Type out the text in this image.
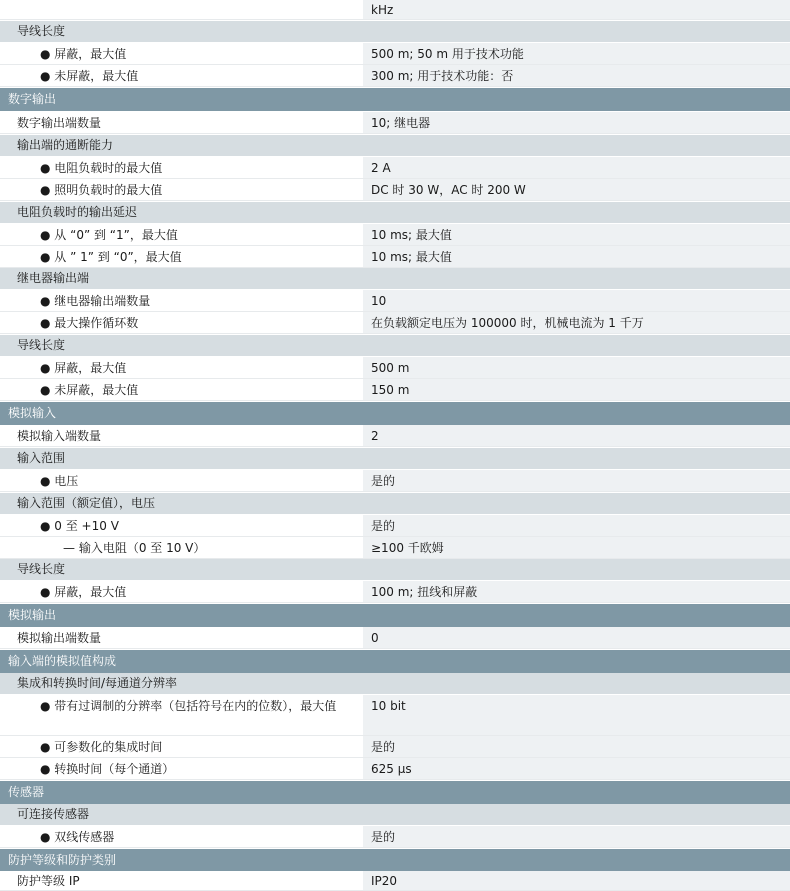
kHz
导线长度
● 屏蔽，最大值	500 m; 50 m 用于技术功能
● 未屏蔽，最大值	300 m; 用于技术功能：否
数字输出
数字输出端数量	10; 继电器
输出端的通断能力
● 电阻负载时的最大值	2 A
● 照明负载时的最大值	DC 时 30 W，AC 时 200 W
电阻负载时的输出延迟
● 从 “0” 到 “1”，最大值	10 ms; 最大值
● 从 ” 1” 到 “0”，最大值	10 ms; 最大值
继电器输出端
● 继电器输出端数量	10
● 最大操作循环数	在负载额定电压为 100000 时，机械电流为 1 千万
导线长度
● 屏蔽，最大值	500 m
● 未屏蔽，最大值	150 m
模拟输入
模拟输入端数量	2
输入范围
● 电压	是的
输入范围（额定值），电压
● 0 至 +10 V	是的
— 输入电阻（0 至 10 V）	≥100 千欧姆
导线长度
● 屏蔽，最大值	100 m; 扭线和屏蔽
模拟输出
模拟输出端数量	0
输入端的模拟值构成
集成和转换时间/每通道分辨率
● 带有过调制的分辨率（包括符号在内的位数），最大值	10 bit
● 可参数化的集成时间	是的
● 转换时间（每个通道）	625 µs
传感器
可连接传感器
● 双线传感器	是的
防护等级和防护类别
防护等级 IP	IP20
